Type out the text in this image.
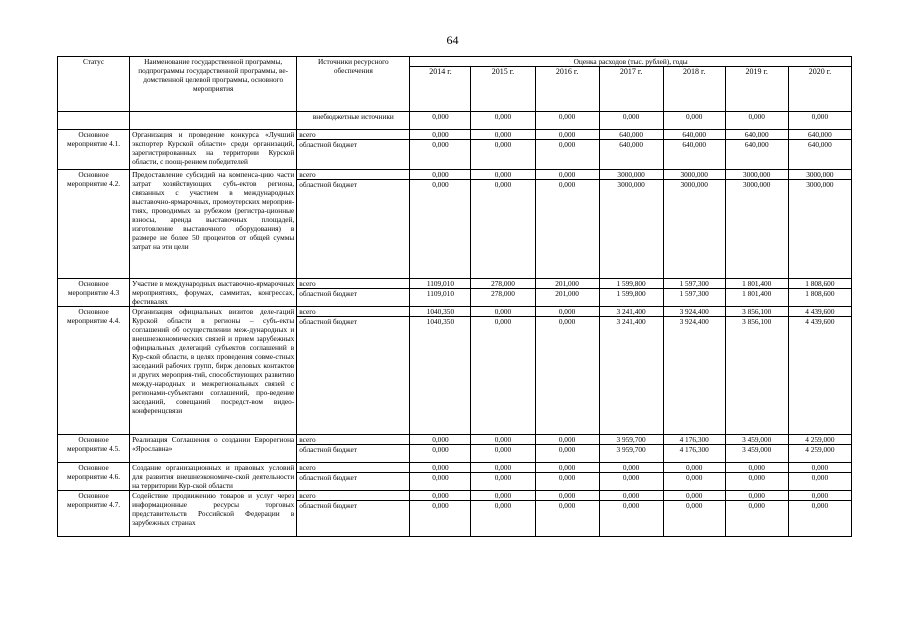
64
Статус	Наименование государственной программы, подпрограммы государственной программы, ве-домственной целевой программы, основного мероприятия	Источники ресурсного обеспечения	Оценка расходов (тыс. рублей), годы						
			2014 г.	2015 г.	2016 г.	2017 г.	2018 г.	2019 г.	2020 г.
		внебюджетные источники	0,000	0,000	0,000	0,000	0,000	0,000	0,000
Основное мероприятие 4.1.	Организация и проведение конкурса «Лучший экспортер Курской области» среди организаций, зарегистрированных на территории Курской области, с поощ-рением победителей	всего	0,000	0,000	0,000	640,000	640,000	640,000	640,000
		областной бюджет	0,000	0,000	0,000	640,000	640,000	640,000	640,000
Основное мероприятие 4.2.	Предоставление субсидий на компенса-цию части затрат хозяйствующих субъ-ектов региона, связанных с участием в международных выставочно-ярмарочных, промоутерских мероприя-тиях, проводимых за рубежом (регистра-ционные взносы, аренда выставочных площадей, изготовление выставочного оборудования) в размере не более 50 процентов от общей суммы затрат на эти цели	всего	0,000	0,000	0,000	3000,000	3000,000	3000,000	3000,000
		областной бюджет	0,000	0,000	0,000	3000,000	3000,000	3000,000	3000,000
Основное мероприятие 4.3	Участие в международных выставочно-ярмарочных мероприятиях, форумах, саммитах, конгрессах, фестивалях	всего	1109,010	278,000	201,000	1 599,800	1 597,300	1 801,400	1 808,600
		областной бюджет	1109,010	278,000	201,000	1 599,800	1 597,300	1 801,400	1 808,600
Основное мероприятие 4.4.	Организация официальных визитов деле-гаций Курской области в регионы – субъ-екты соглашений об осуществлении меж-дународных и внешнеэкономических связей и прием зарубежных официальных делегаций субъектов соглашений в Кур-ской области, в целях проведения совме-стных заседаний рабочих групп, бирж деловых контактов и других мероприя-тий, способствующих развитию между-народных и межрегиональных связей с регионами-субъектами соглашений, про-ведение заседаний, совещаний посредст-вом видео-конференцсвязи	всего	1040,350	0,000	0,000	3 241,400	3 924,400	3 856,100	4 439,600
		областной бюджет	1040,350	0,000	0,000	3 241,400	3 924,400	3 856,100	4 439,600
Основное мероприятие 4.5.	Реализация Соглашения о создании Еврорегиона «Ярославна»	всего	0,000	0,000	0,000	3 959,700	4 176,300	3 459,000	4 259,000
		областной бюджет	0,000	0,000	0,000	3 959,700	4 176,300	3 459,000	4 259,000
Основное мероприятие 4.6.	Создание организационных и правовых условий для развития внешнеэкономиче-ской деятельности на территории Кур-ской области	всего	0,000	0,000	0,000	0,000	0,000	0,000	0,000
		областной бюджет	0,000	0,000	0,000	0,000	0,000	0,000	0,000
Основное мероприятие 4.7.	Содействие продвижению товаров и услуг через информационные ресурсы торговых представительств Российской Федерации в зарубежных странах	всего	0,000	0,000	0,000	0,000	0,000	0,000	0,000
		областной бюджет	0,000	0,000	0,000	0,000	0,000	0,000	0,000
